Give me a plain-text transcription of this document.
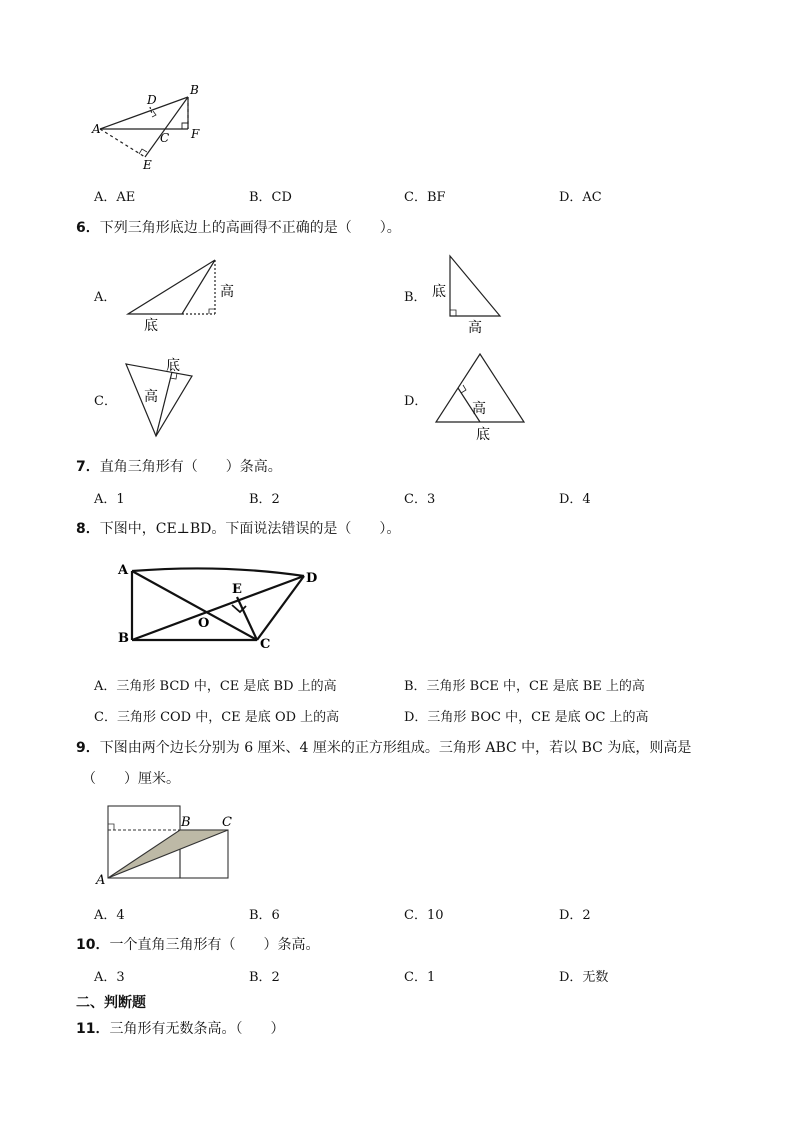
A
B
D
C F
E
A．AE	B．CD	C．BF	D．AC
6．下列三角形底边上的高画得不正确的是（　　）。
A．	高
底
B． 底
高
C．
底
高	D．	高
底
7．直角三角形有（　　）条高。
A．1	B．2	C．3	D．4
8．下图中，CE⊥BD。下面说法错误的是（　　）。
A
B	C
D
E
O
A．三角形 BCD 中，CE 是底 BD 上的高	B．三角形 BCE 中，CE 是底 BE 上的高
C．三角形 COD 中，CE 是底 OD 上的高	D．三角形 BOC 中，CE 是底 OC 上的高
9．下图由两个边长分别为 6 厘米、4 厘米的正方形组成。三角形 ABC 中，若以 BC 为底，则高是
（　　）厘米。
A
B C
A．4	B．6	C．10	D．2
10．一个直角三角形有（　　）条高。
A．3	B．2	C．1	D．无数
二、判断题
11．三角形有无数条高。（　　）
